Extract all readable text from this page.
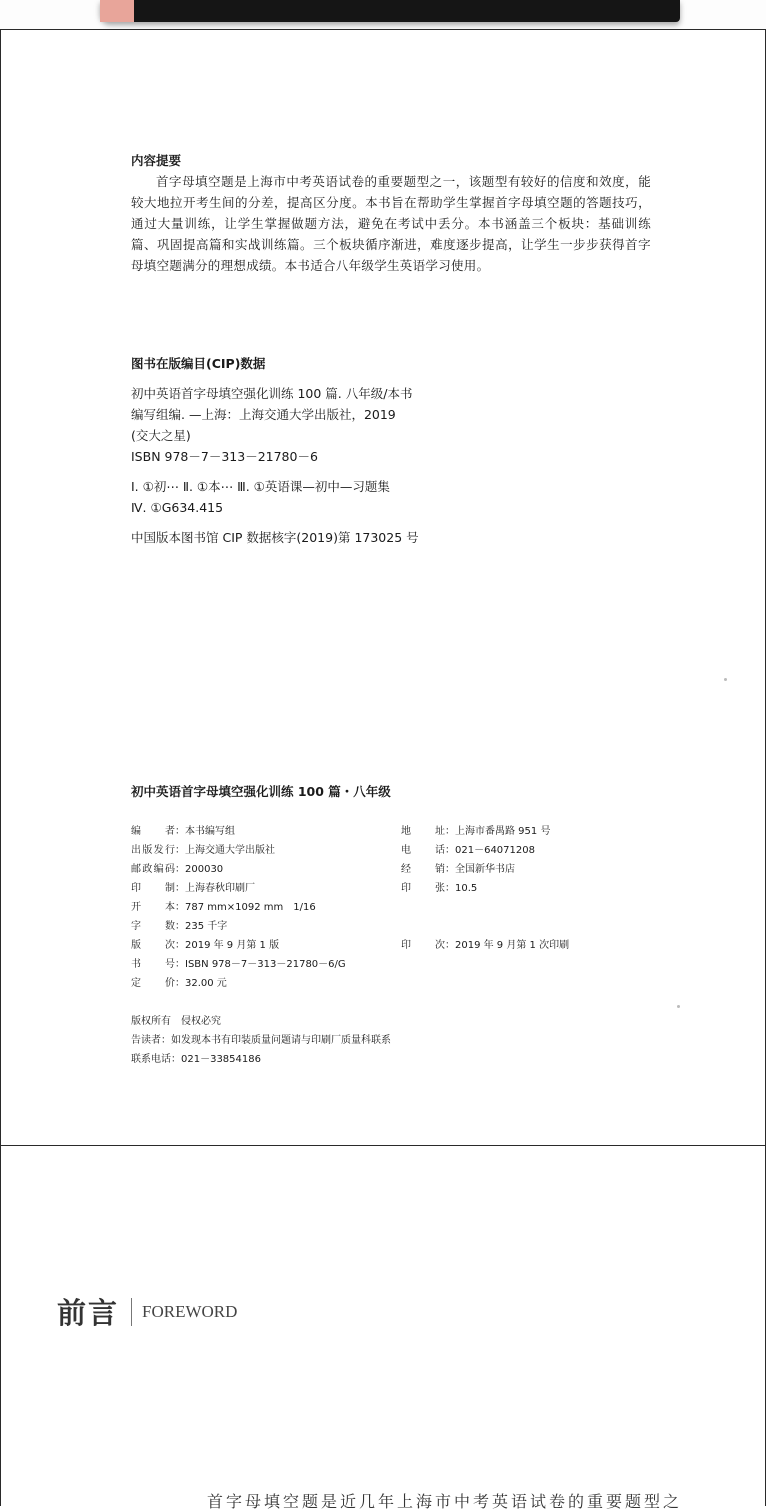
内容提要

首字母填空题是上海市中考英语试卷的重要题型之一，该题型有较好的信度和效度，能较大地拉开考生间的分差，提高区分度。本书旨在帮助学生掌握首字母填空题的答题技巧，通过大量训练，让学生掌握做题方法，避免在考试中丢分。本书涵盖三个板块：基础训练篇、巩固提高篇和实战训练篇。三个板块循序渐进，难度逐步提高，让学生一步步获得首字母填空题满分的理想成绩。本书适合八年级学生英语学习使用。

图书在版编目(CIP)数据
初中英语首字母填空强化训练 100 篇. 八年级/本书
编写组编. —上海：上海交通大学出版社，2019
(交大之星)
ISBN 978－7－313－21780－6
Ⅰ. ①初⋯ Ⅱ. ①本⋯ Ⅲ. ①英语课—初中—习题集
Ⅳ. ①G634.415
中国版本图书馆 CIP 数据核字(2019)第 173025 号
初中英语首字母填空强化训练 100 篇・八年级
编　者 ： 本书编写组
出版发行 ： 上海交通大学出版社
邮政编码 ： 200030
印　制 ： 上海春秋印刷厂
开　本 ： 787 mm×1092 mm　1/16
字　数 ： 235 千字
版　次 ： 2019 年 9 月第 1 版
书　号 ： ISBN 978－7－313－21780－6/G
定　价 ： 32.00 元
地　址 ： 上海市番禺路 951 号
电　话 ： 021－64071208
经　销 ： 全国新华书店
印　张 ： 10.5
印　次 ： 2019 年 9 月第 1 次印刷
版权所有　侵权必究
告读者：如发现本书有印装质量问题请与印刷厂质量科联系
联系电话：021－33854186
前言 FOREWORD
首字母填空题是近几年上海市中考英语试卷的重要题型之
